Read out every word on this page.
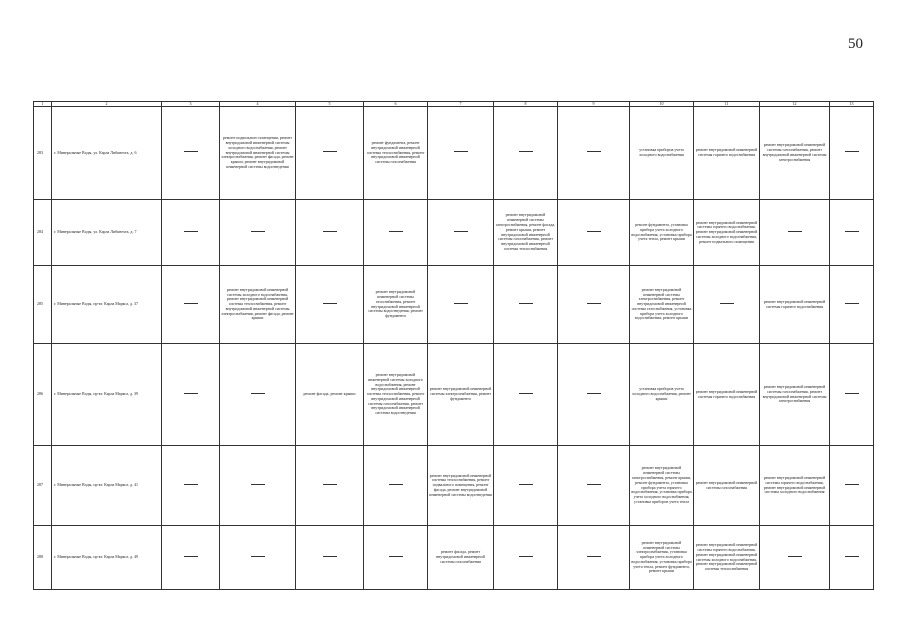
50
1	2	3	4	5	6	7	8	9	10	11	12	13
283	г. Минеральные Воды, ул. Карла Либкнехта, д. 6		ремонт подвального помещения, ремонт внутридомовой инженерной системы холодного водоснабжения, ремонт внутридомовой инженерной системы электроснабжения, ремонт фасада, ремонт крыши, ремонт внутридомовой инженерной системы водоотведения		ремонт фундамента, ремонт внутридомовой инженерной системы теплоснабжения, ремонт внутридомовой инженерной системы газоснабжения				установка приборов учета холодного водоснабжения	ремонт внутридомовой инженерной системы горячего водоснабжения	ремонт внутридомовой инженерной системы газоснабжения, ремонт внутридомовой инженерной системы электроснабжения	
284	г. Минеральные Воды, ул. Карла Либкнехта, д. 7						ремонт внутридомовой инженерной системы электроснабжения, ремонт фасада, ремонт крыши, ремонт внутридомовой инженерной системы газоснабжения, ремонт внутридомовой инженерной системы теплоснабжения		ремонт фундамента, установка прибора учета холодного водоснабжения, установка прибора учета тепла, ремонт крыши	ремонт внутридомовой инженерной системы горячего водоснабжения, ремонт внутридомовой инженерной системы холодного водоснабжения, ремонт подвального помещения		
285	г. Минеральные Воды, пр-кт. Карла Маркса, д. 37		ремонт внутридомовой инженерной системы холодного водоснабжения, ремонт внутридомовой инженерной системы теплоснабжения, ремонт внутридомовой инженерной системы электроснабжения, ремонт фасада, ремонт крыши		ремонт внутридомовой инженерной системы газоснабжения, ремонт внутридомовой инженерной системы водоотведения, ремонт фундамента				ремонт внутридомовой инженерной системы электроснабжения, ремонт внутридомовой инженерной системы газоснабжения, установка прибора учета холодного водоснабжения, ремонт крыши		ремонт внутридомовой инженерной системы горячего водоснабжения	
286	г. Минеральные Воды, пр-кт. Карла Маркса, д. 39			ремонт фасада, ремонт крыши	ремонт внутридомовой инженерной системы холодного водоснабжения, ремонт внутридомовой инженерной системы теплоснабжения, ремонт внутридомовой инженерной системы газоснабжения, ремонт внутридомовой инженерной системы водоотведения	ремонт внутридомовой инженерной системы электроснабжения, ремонт фундамента			установка приборов учета холодного водоснабжения, ремонт крыши	ремонт внутридомовой инженерной системы горячего водоснабжения	ремонт внутридомовой инженерной системы газоснабжения, ремонт внутридомовой инженерной системы электроснабжения	
287	г. Минеральные Воды, пр-кт. Карла Маркса, д. 41					ремонт внутридомовой инженерной системы теплоснабжения, ремонт подвального помещения, ремонт фасада, ремонт внутридомовой инженерной системы водоотведения			ремонт внутридомовой инженерной системы электроснабжения, ремонт крыши, ремонт фундамента, установка прибора учета горячего водоснабжения, установка прибора учета холодного водоснабжения, установка приборов учета тепла	ремонт внутридомовой инженерной системы газоснабжения	ремонт внутридомовой инженерной системы горячего водоснабжения, ремонт внутридомовой инженерной системы холодного водоснабжения	
288	г. Минеральные Воды, пр-кт. Карла Маркса, д. 49					ремонт фасада, ремонт внутридомовой инженерной системы газоснабжения			ремонт внутридомовой инженерной системы электроснабжения, установка прибора учета холодного водоснабжения, установка прибора учета тепла, ремонт фундамента, ремонт крыши	ремонт внутридомовой инженерной системы горячего водоснабжения, ремонт внутридомовой инженерной системы холодного водоснабжения, ремонт внутридомовой инженерной системы теплоснабжения		
